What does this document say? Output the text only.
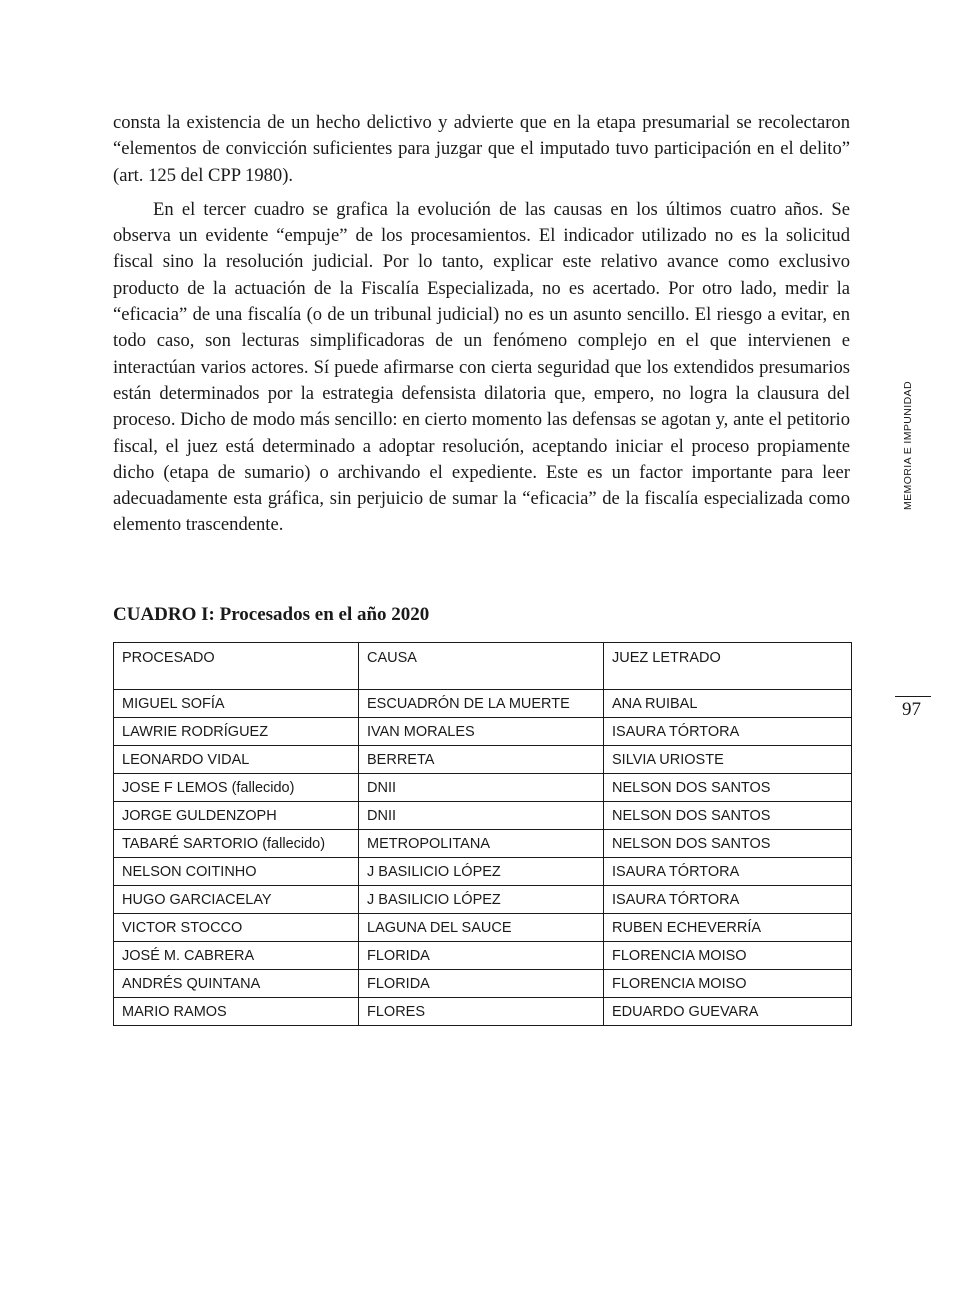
consta la existencia de un hecho delictivo y advierte que en la etapa presumarial se recolectaron “elementos de convicción suficientes para juzgar que el imputado tuvo participación en el delito” (art. 125 del CPP 1980).

En el tercer cuadro se grafica la evolución de las causas en los últimos cuatro años. Se observa un evidente “empuje” de los procesamientos. El indicador utilizado no es la solicitud fiscal sino la resolución judicial. Por lo tanto, explicar este relativo avance como exclusivo producto de la actuación de la Fiscalía Especializada, no es acertado. Por otro lado, medir la “eficacia” de una fiscalía (o de un tribunal judicial) no es un asunto sencillo. El riesgo a evitar, en todo caso, son lecturas simplificadoras de un fenómeno complejo en el que intervienen e interactúan varios actores. Sí puede afirmarse con cierta seguridad que los extendidos presumarios están determinados por la estrategia defensista dilatoria que, empero, no logra la clausura del proceso. Dicho de modo más sencillo: en cierto momento las defensas se agotan y, ante el petitorio fiscal, el juez está determinado a adoptar resolución, aceptando iniciar el proceso propiamente dicho (etapa de sumario) o archivando el expediente. Este es un factor importante para leer adecuadamente esta gráfica, sin perjuicio de sumar la “eficacia” de la fiscalía especializada como elemento trascendente.

CUADRO I: Procesados en el año 2020
PROCESADO	CAUSA	JUEZ LETRADO
MIGUEL SOFÍA	ESCUADRÓN DE LA MUERTE	ANA RUIBAL
LAWRIE RODRÍGUEZ	IVAN MORALES	ISAURA TÓRTORA
LEONARDO VIDAL	BERRETA	SILVIA URIOSTE
JOSE F LEMOS (fallecido)	DNII	NELSON DOS SANTOS
JORGE GULDENZOPH	DNII	NELSON DOS SANTOS
TABARÉ SARTORIO (fallecido)	METROPOLITANA	NELSON DOS SANTOS
NELSON COITINHO	J BASILICIO LÓPEZ	ISAURA TÓRTORA
HUGO GARCIACELAY	J BASILICIO LÓPEZ	ISAURA TÓRTORA
VICTOR STOCCO	LAGUNA DEL SAUCE	RUBEN ECHEVERRÍA
JOSÉ M. CABRERA	FLORIDA	FLORENCIA MOISO
ANDRÉS QUINTANA	FLORIDA	FLORENCIA MOISO
MARIO RAMOS	FLORES	EDUARDO GUEVARA
MEMORIA E IMPUNIDAD
97
